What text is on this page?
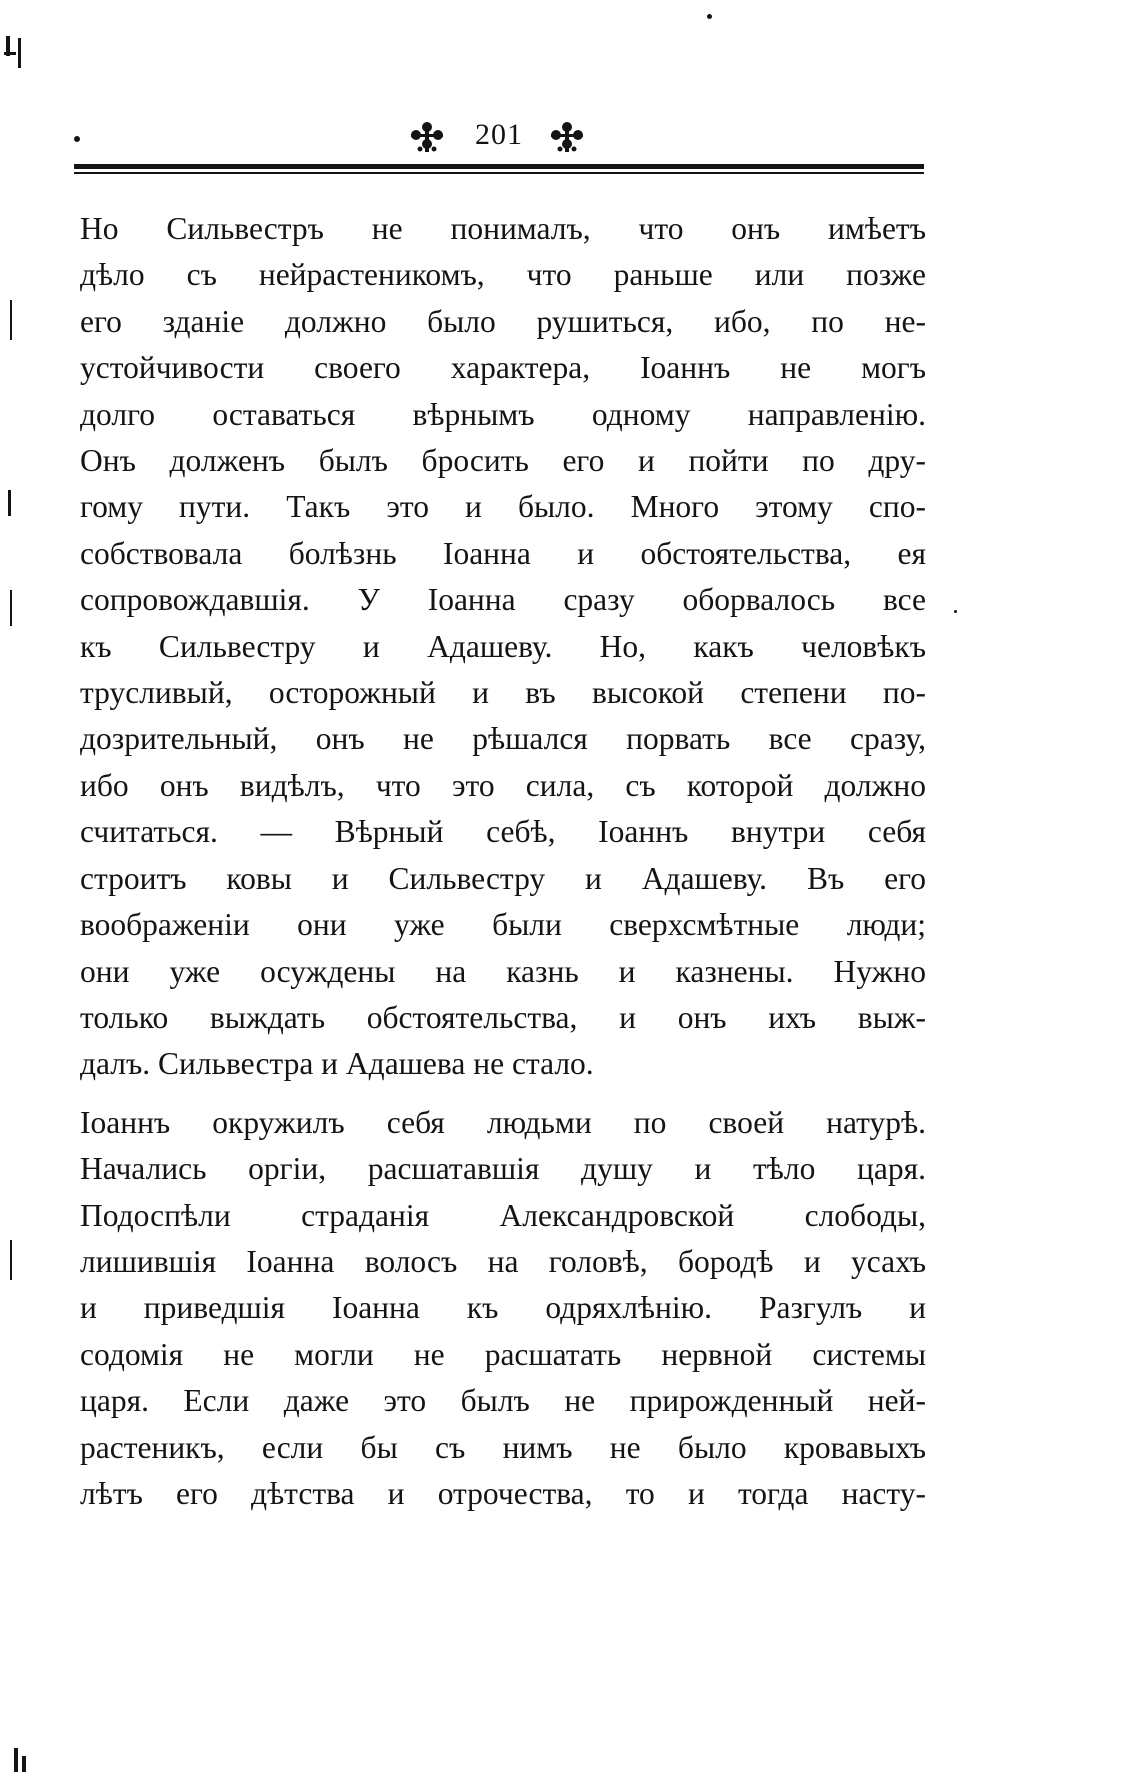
201

Но Сильвестръ не понималъ, что онъ имѣетъ

дѣло съ нейрастеникомъ, что раньше или позже

его зданіе должно было рушиться, ибо, по не-

устойчивости своего характера, Іоаннъ не могъ

долго оставаться вѣрнымъ одному направленію.

Онъ долженъ былъ бросить его и пойти по дру-

гому пути. Такъ это и было. Много этому спо-

собствовала болѣзнь Іоанна и обстоятельства, ея

сопровождавшія. У Іоанна сразу оборвалось все

къ Сильвестру и Адашеву. Но, какъ человѣкъ

трусливый, осторожный и въ высокой степени по-

дозрительный, онъ не рѣшался порвать все сразу,

ибо онъ видѣлъ, что это сила, съ которой должно

считаться. — Вѣрный себѣ, Іоаннъ внутри себя

строитъ ковы и Сильвестру и Адашеву. Въ его

воображеніи они уже были сверхсмѣтные люди;

они уже осуждены на казнь и казнены. Нужно

только выждать обстоятельства, и онъ ихъ выж-

далъ. Сильвестра и Адашева не стало.

Іоаннъ окружилъ себя людьми по своей натурѣ.

Начались оргіи, расшатавшія душу и тѣло царя.

Подоспѣли страданія Александровской слободы,

лишившія Іоанна волосъ на головѣ, бородѣ и усахъ

и приведшія Іоанна къ одряхлѣнію. Разгулъ и

содомія не могли не расшатать нервной системы

царя. Если даже это былъ не прирожденный ней-

растеникъ, если бы съ нимъ не было кровавыхъ

лѣтъ его дѣтства и отрочества, то и тогда насту-
